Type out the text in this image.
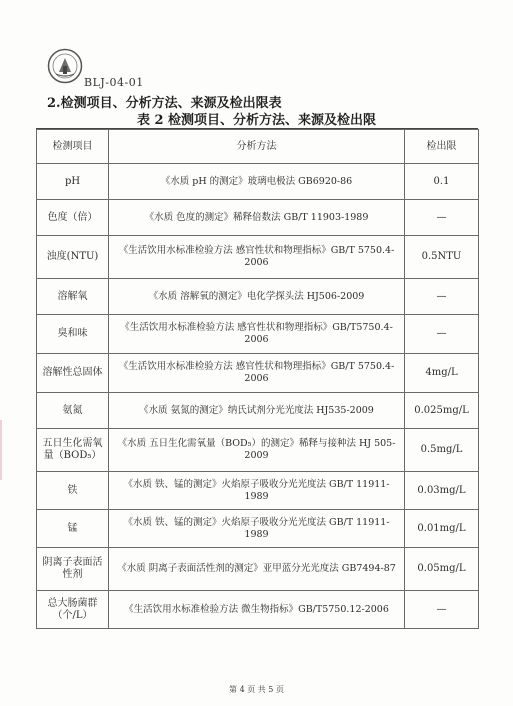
BLJ-04-01
2.检测项目、分析方法、来源及检出限表
表 2 检测项目、分析方法、来源及检出限
检测项目	分析方法	检出限
pH	《水质 pH 的测定》玻璃电极法 GB6920-86	0.1
色度（倍）	《水质 色度的测定》稀释倍数法 GB/T 11903-1989	—
浊度(NTU)	《生活饮用水标准检验方法 感官性状和物理指标》GB/T 5750.4-2006	0.5NTU
溶解氧	《水质 溶解氧的测定》电化学探头法 HJ506-2009	—
臭和味	《生活饮用水标准检验方法 感官性状和物理指标》GB/T5750.4-2006	—
溶解性总固体	《生活饮用水标准检验方法 感官性状和物理指标》GB/T 5750.4-2006	4mg/L
氨氮	《水质 氨氮的测定》纳氏试剂分光光度法 HJ535-2009	0.025mg/L
五日生化需氧量（BOD₅）	《水质 五日生化需氧量（BOD₅）的测定》稀释与接种法 HJ 505-2009	0.5mg/L
铁	《水质 铁、锰的测定》火焰原子吸收分光光度法 GB/T 11911-1989	0.03mg/L
锰	《水质 铁、锰的测定》火焰原子吸收分光光度法 GB/T 11911-1989	0.01mg/L
阴离子表面活性剂	《水质 阴离子表面活性剂的测定》亚甲蓝分光光度法 GB7494-87	0.05mg/L
总大肠菌群（个/L）	《生活饮用水标准检验方法 微生物指标》GB/T5750.12-2006	—
第 4 页 共 5 页
